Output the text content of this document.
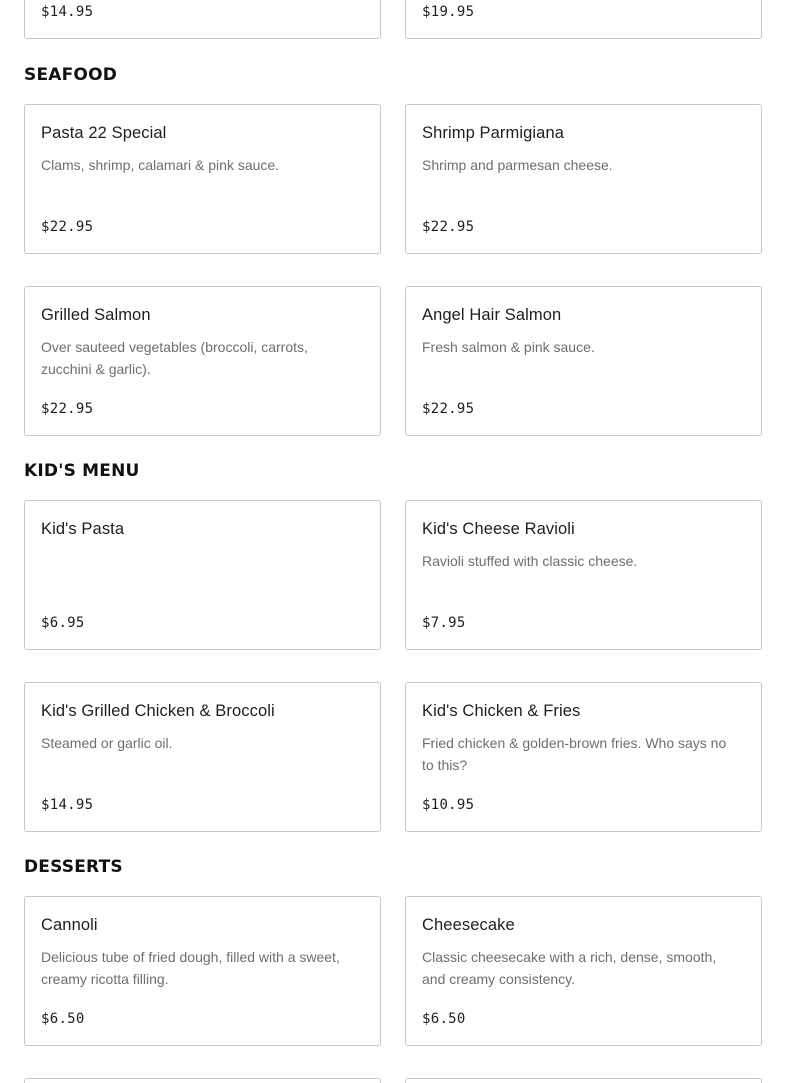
$14.95	$19.95
SEAFOOD
Pasta 22 Special
Clams, shrimp, calamari & pink sauce.
$22.95
Shrimp Parmigiana
Shrimp and parmesan cheese.
$22.95
Grilled Salmon
Over sauteed vegetables (broccoli, carrots, zucchini & garlic).
$22.95
Angel Hair Salmon
Fresh salmon & pink sauce.
$22.95
KID'S MENU
Kid's Pasta
$6.95
Kid's Cheese Ravioli
Ravioli stuffed with classic cheese.
$7.95
Kid's Grilled Chicken & Broccoli
Steamed or garlic oil.
$14.95
Kid's Chicken & Fries
Fried chicken & golden-brown fries. Who says no to this?
$10.95
DESSERTS
Cannoli
Delicious tube of fried dough, filled with a sweet, creamy ricotta filling.
$6.50
Cheesecake
Classic cheesecake with a rich, dense, smooth, and creamy consistency.
$6.50
